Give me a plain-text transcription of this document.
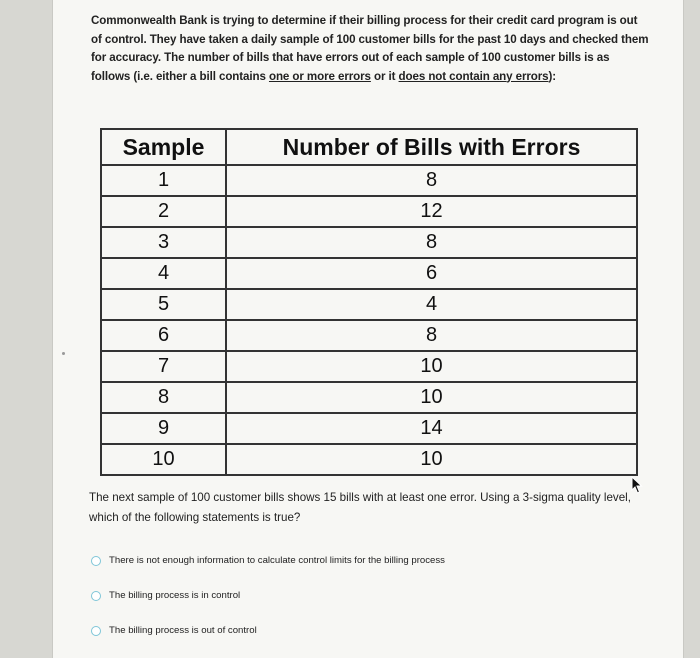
Commonwealth Bank is trying to determine if their billing process for their credit card program is out of control. They have taken a daily sample of 100 customer bills for the past 10 days and checked them for accuracy. The number of bills that have errors out of each sample of 100 customer bills is as follows (i.e. either a bill contains one or more errors or it does not contain any errors):
Sample	Number of Bills with Errors
1	8
2	12
3	8
4	6
5	4
6	8
7	10
8	10
9	14
10	10
The next sample of 100 customer bills shows 15 bills with at least one error. Using a 3-sigma quality level, which of the following statements is true?
There is not enough information to calculate control limits for the billing process
The billing process is in control
The billing process is out of control
